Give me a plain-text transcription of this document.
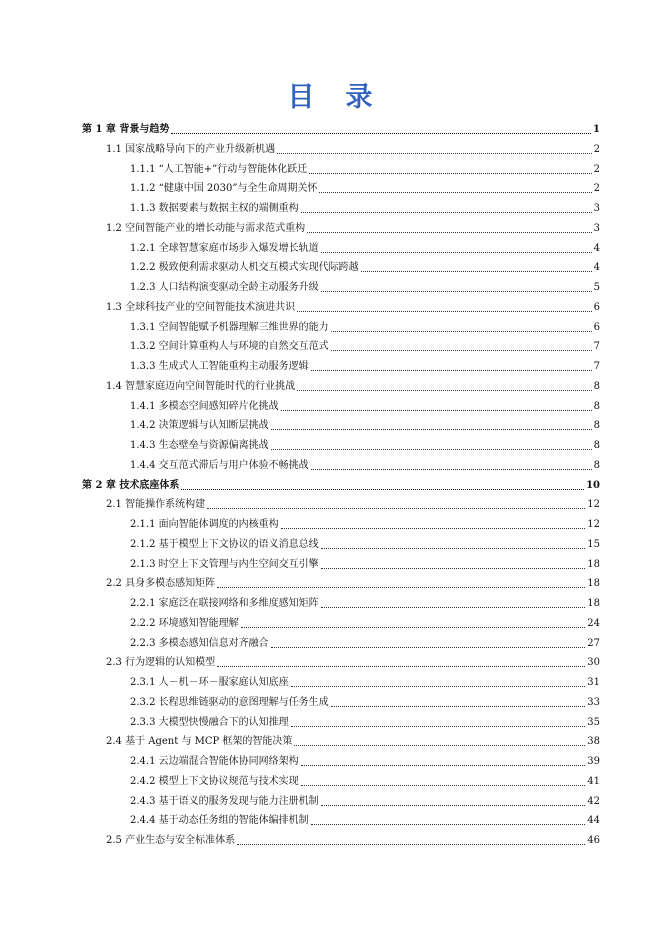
目　录
第 1 章 背景与趋势	1
1.1 国家战略导向下的产业升级新机遇	2
1.1.1 “人工智能+”行动与智能体化跃迁	2
1.1.2 “健康中国 2030”与全生命周期关怀	2
1.1.3 数据要素与数据主权的端侧重构	3
1.2 空间智能产业的增长动能与需求范式重构	3
1.2.1 全球智慧家庭市场步入爆发增长轨道	4
1.2.2 极致便利需求驱动人机交互模式实现代际跨越	4
1.2.3 人口结构演变驱动全龄主动服务升级	5
1.3 全球科技产业的空间智能技术演进共识	6
1.3.1 空间智能赋予机器理解三维世界的能力	6
1.3.2 空间计算重构人与环境的自然交互范式	7
1.3.3 生成式人工智能重构主动服务逻辑	7
1.4 智慧家庭迈向空间智能时代的行业挑战	8
1.4.1 多模态空间感知碎片化挑战	8
1.4.2 决策逻辑与认知断层挑战	8
1.4.3 生态壁垒与资源偏离挑战	8
1.4.4 交互范式滞后与用户体验不畅挑战	8
第 2 章 技术底座体系	10
2.1 智能操作系统构建	12
2.1.1 面向智能体调度的内核重构	12
2.1.2 基于模型上下文协议的语义消息总线	15
2.1.3 时空上下文管理与内生空间交互引擎	18
2.2 具身多模态感知矩阵	18
2.2.1 家庭泛在联接网络和多维度感知矩阵	18
2.2.2 环境感知智能理解	24
2.2.3 多模态感知信息对齐融合	27
2.3 行为逻辑的认知模型	30
2.3.1 人－机－环－服家庭认知底座	31
2.3.2 长程思维链驱动的意图理解与任务生成	33
2.3.3 大模型快慢融合下的认知推理	35
2.4 基于 Agent 与 MCP 框架的智能决策	38
2.4.1 云边端混合智能体协同网络架构	39
2.4.2 模型上下文协议规范与技术实现	41
2.4.3 基于语义的服务发现与能力注册机制	42
2.4.4 基于动态任务组的智能体编排机制	44
2.5 产业生态与安全标准体系	46
